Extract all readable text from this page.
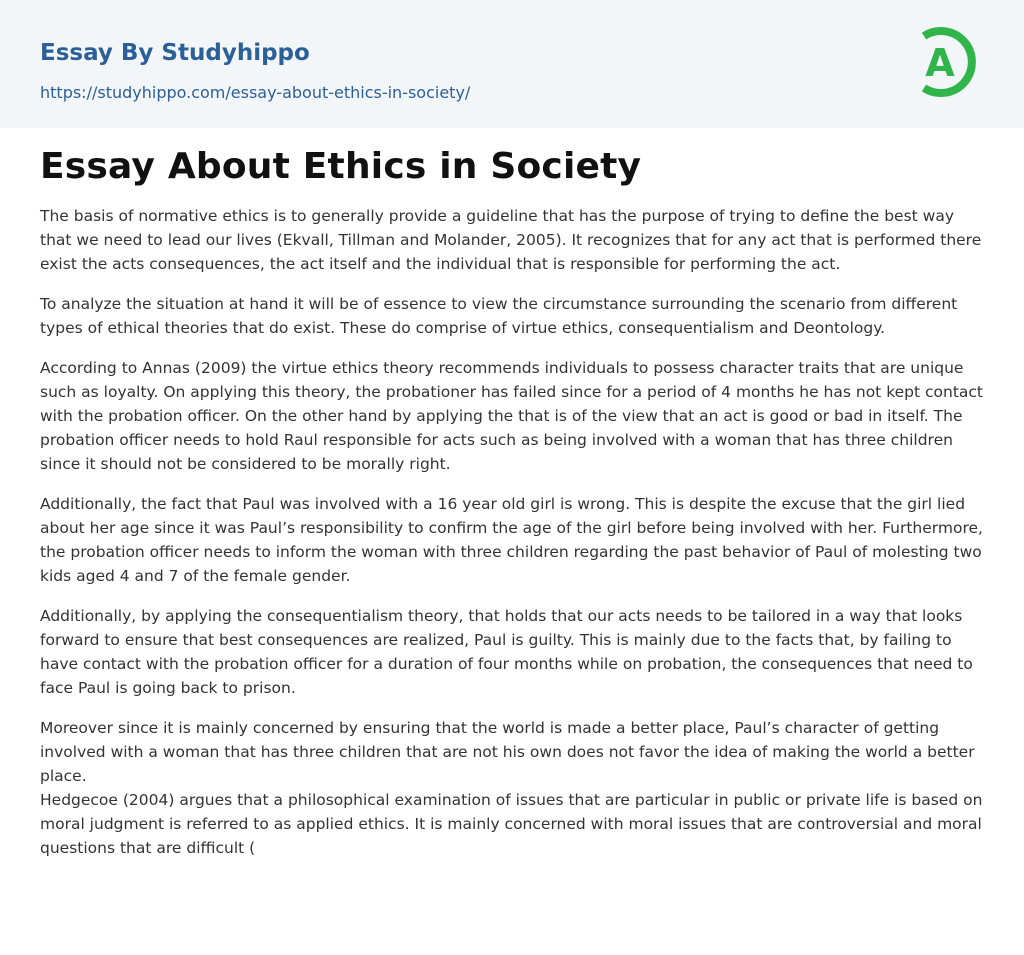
Essay By Studyhippo
https://studyhippo.com/essay-about-ethics-in-society/
A
Essay About Ethics in Society

The basis of normative ethics is to generally provide a guideline that has the purpose of trying to define the best way that we need to lead our lives (Ekvall, Tillman and Molander, 2005). It recognizes that for any act that is performed there exist the acts consequences, the act itself and the individual that is responsible for performing the act.

To analyze the situation at hand it will be of essence to view the circumstance surrounding the scenario from different types of ethical theories that do exist. These do comprise of virtue ethics, consequentialism and Deontology.

According to Annas (2009) the virtue ethics theory recommends individuals to possess character traits that are unique such as loyalty. On applying this theory, the probationer has failed since for a period of 4 months he has not kept contact with the probation officer. On the other hand by applying the that is of the view that an act is good or bad in itself. The probation officer needs to hold Raul responsible for acts such as being involved with a woman that has three children since it should not be considered to be morally right.

Additionally, the fact that Paul was involved with a 16 year old girl is wrong. This is despite the excuse that the girl lied about her age since it was Paul’s responsibility to confirm the age of the girl before being involved with her. Furthermore, the probation officer needs to inform the woman with three children regarding the past behavior of Paul of molesting two kids aged 4 and 7 of the female gender.

Additionally, by applying the consequentialism theory, that holds that our acts needs to be tailored in a way that looks forward to ensure that best consequences are realized, Paul is guilty. This is mainly due to the facts that, by failing to have contact with the probation officer for a duration of four months while on probation, the consequences that need to face Paul is going back to prison.

Moreover since it is mainly concerned by ensuring that the world is made a better place, Paul’s character of getting involved with a woman that has three children that are not his own does not favor the idea of making the world a better place.

Hedgecoe (2004) argues that a philosophical examination of issues that are particular in public or private life is based on moral judgment is referred to as applied ethics. It is mainly concerned with moral issues that are controversial and moral questions that are difficult (
